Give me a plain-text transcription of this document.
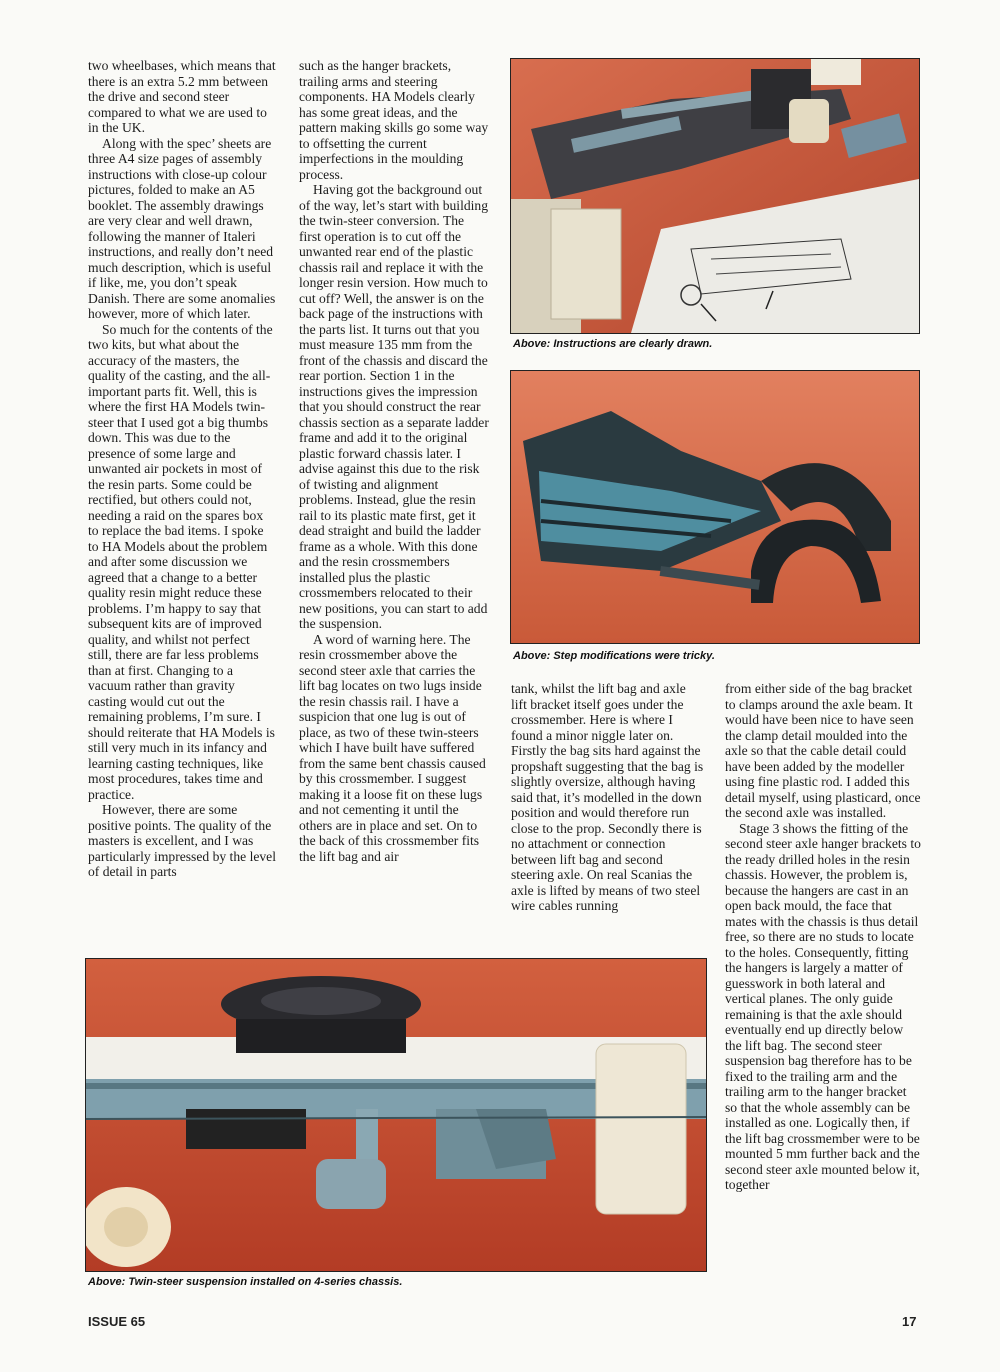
two wheelbases, which means that there is an extra 5.2 mm between the drive and second steer compared to what we are used to in the UK.

Along with the spec’ sheets are three A4 size pages of assembly instructions with close-up colour pictures, folded to make an A5 booklet. The assembly drawings are very clear and well drawn, following the manner of Italeri instructions, and really don’t need much description, which is useful if like, me, you don’t speak Danish. There are some anomalies however, more of which later.

So much for the contents of the two kits, but what about the accuracy of the masters, the quality of the casting, and the all-important parts fit. Well, this is where the first HA Models twin-steer that I used got a big thumbs down. This was due to the presence of some large and unwanted air pockets in most of the resin parts. Some could be rectified, but others could not, needing a raid on the spares box to replace the bad items. I spoke to HA Models about the problem and after some discussion we agreed that a change to a better quality resin might reduce these problems. I’m happy to say that subsequent kits are of improved quality, and whilst not perfect still, there are far less problems than at first. Changing to a vacuum rather than gravity casting would cut out the remaining problems, I’m sure. I should reiterate that HA Models is still very much in its infancy and learning casting techniques, like most procedures, takes time and practice.

However, there are some positive points. The quality of the masters is excellent, and I was particularly impressed by the level of detail in parts

such as the hanger brackets, trailing arms and steering components. HA Models clearly has some great ideas, and the pattern making skills go some way to offsetting the current imperfections in the moulding process.

Having got the background out of the way, let’s start with building the twin-steer conversion. The first operation is to cut off the unwanted rear end of the plastic chassis rail and replace it with the longer resin version. How much to cut off? Well, the answer is on the back page of the instructions with the parts list. It turns out that you must measure 135 mm from the front of the chassis and discard the rear portion. Section 1 in the instructions gives the impression that you should construct the rear chassis section as a separate ladder frame and add it to the original plastic forward chassis later. I advise against this due to the risk of twisting and alignment problems. Instead, glue the resin rail to its plastic mate first, get it dead straight and build the ladder frame as a whole. With this done and the resin crossmembers installed plus the plastic crossmembers relocated to their new positions, you can start to add the suspension.

A word of warning here. The resin crossmember above the second steer axle that carries the lift bag locates on two lugs inside the resin chassis rail. I have a suspicion that one lug is out of place, as two of these twin-steers which I have built have suffered from the same bent chassis caused by this crossmember. I suggest making it a loose fit on these lugs and not cementing it until the others are in place and set. On to the back of this crossmember fits the lift bag and air

tank, whilst the lift bag and axle lift bracket itself goes under the crossmember. Here is where I found a minor niggle later on. Firstly the bag sits hard against the propshaft suggesting that the bag is slightly oversize, although having said that, it’s modelled in the down position and would therefore run close to the prop. Secondly there is no attachment or connection between lift bag and second steering axle. On real Scanias the axle is lifted by means of two steel wire cables running

from either side of the bag bracket to clamps around the axle beam. It would have been nice to have seen the clamp detail moulded into the axle so that the cable detail could have been added by the modeller using fine plastic rod. I added this detail myself, using plasticard, once the second axle was installed.

Stage 3 shows the fitting of the second steer axle hanger brackets to the ready drilled holes in the resin chassis. However, the problem is, because the hangers are cast in an open back mould, the face that mates with the chassis is thus detail free, so there are no studs to locate to the holes. Consequently, fitting the hangers is largely a matter of guesswork in both lateral and vertical planes. The only guide remaining is that the axle should eventually end up directly below the lift bag. The second steer suspension bag therefore has to be fixed to the trailing arm and the trailing arm to the hanger bracket so that the whole assembly can be installed as one. Logically then, if the lift bag crossmember were to be mounted 5 mm further back and the second steer axle mounted below it, together

Above: Instructions are clearly drawn.
Above: Step modifications were tricky.
Above: Twin-steer suspension installed on 4-series chassis.
ISSUE 65	17
